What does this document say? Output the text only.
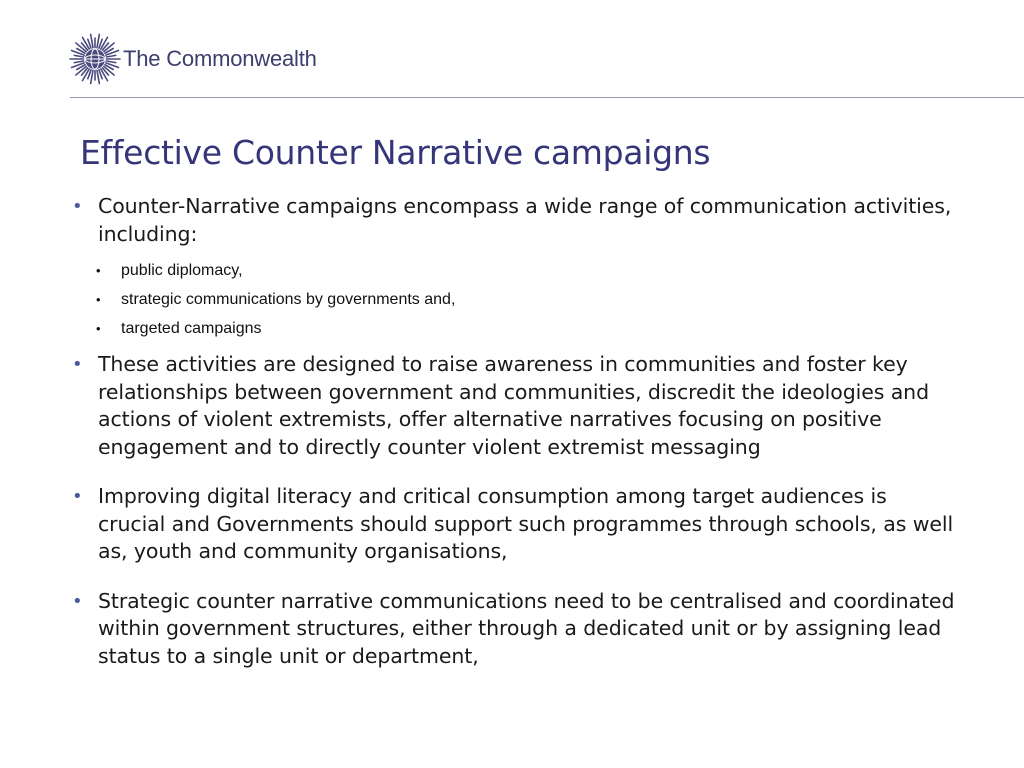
The Commonwealth
Effective Counter Narrative campaigns
• Counter-Narrative campaigns encompass a wide range of communication activities, including:
• public diplomacy,
• strategic communications by governments and,
• targeted campaigns
• These activities are designed to raise awareness in communities and foster key relationships between government and communities, discredit the ideologies and actions of violent extremists, offer alternative narratives focusing on positive engagement and to directly counter violent extremist messaging
• Improving digital literacy and critical consumption among target audiences is crucial and Governments should support such programmes through schools, as well as, youth and community organisations,
• Strategic counter narrative communications need to be centralised and coordinated within government structures, either through a dedicated unit or by assigning lead status to a single unit or department,
